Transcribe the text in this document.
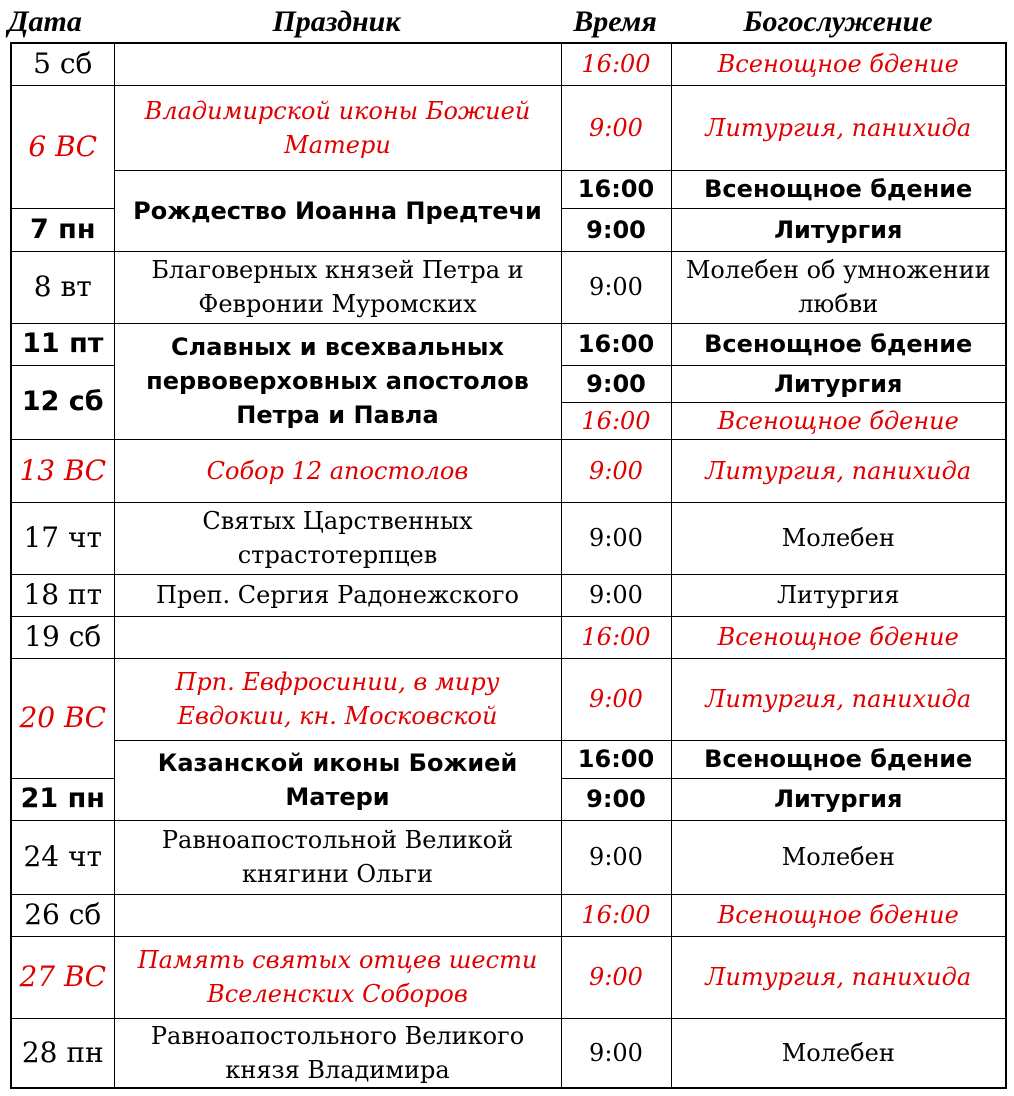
Дата	Праздник	Время	Богослужение
5 сб		16:00	Всенощное бдение
6 ВС	Владимирской иконы Божией Матери	9:00	Литургия, панихида
	Рождество Иоанна Предтечи	16:00	Всенощное бдение
7 пн		9:00	Литургия
8 вт	Благоверных князей Петра и Февронии Муромских	9:00	Молебен об умножении любви
11 пт	Славных и всехвальных первоверховных апостолов Петра и Павла	16:00	Всенощное бдение
12 сб		9:00	Литургия
		16:00	Всенощное бдение
13 ВС	Собор 12 апостолов	9:00	Литургия, панихида
17 чт	Святых Царственных страстотерпцев	9:00	Молебен
18 пт	Преп. Сергия Радонежского	9:00	Литургия
19 сб		16:00	Всенощное бдение
20 ВС	Прп. Евфросинии, в миру Евдокии, кн. Московской	9:00	Литургия, панихида
	Казанской иконы Божией Матери	16:00	Всенощное бдение
21 пн		9:00	Литургия
24 чт	Равноапостольной Великой княгини Ольги	9:00	Молебен
26 сб		16:00	Всенощное бдение
27 ВС	Память святых отцев шести Вселенских Соборов	9:00	Литургия, панихида
28 пн	Равноапостольного Великого князя Владимира	9:00	Молебен
